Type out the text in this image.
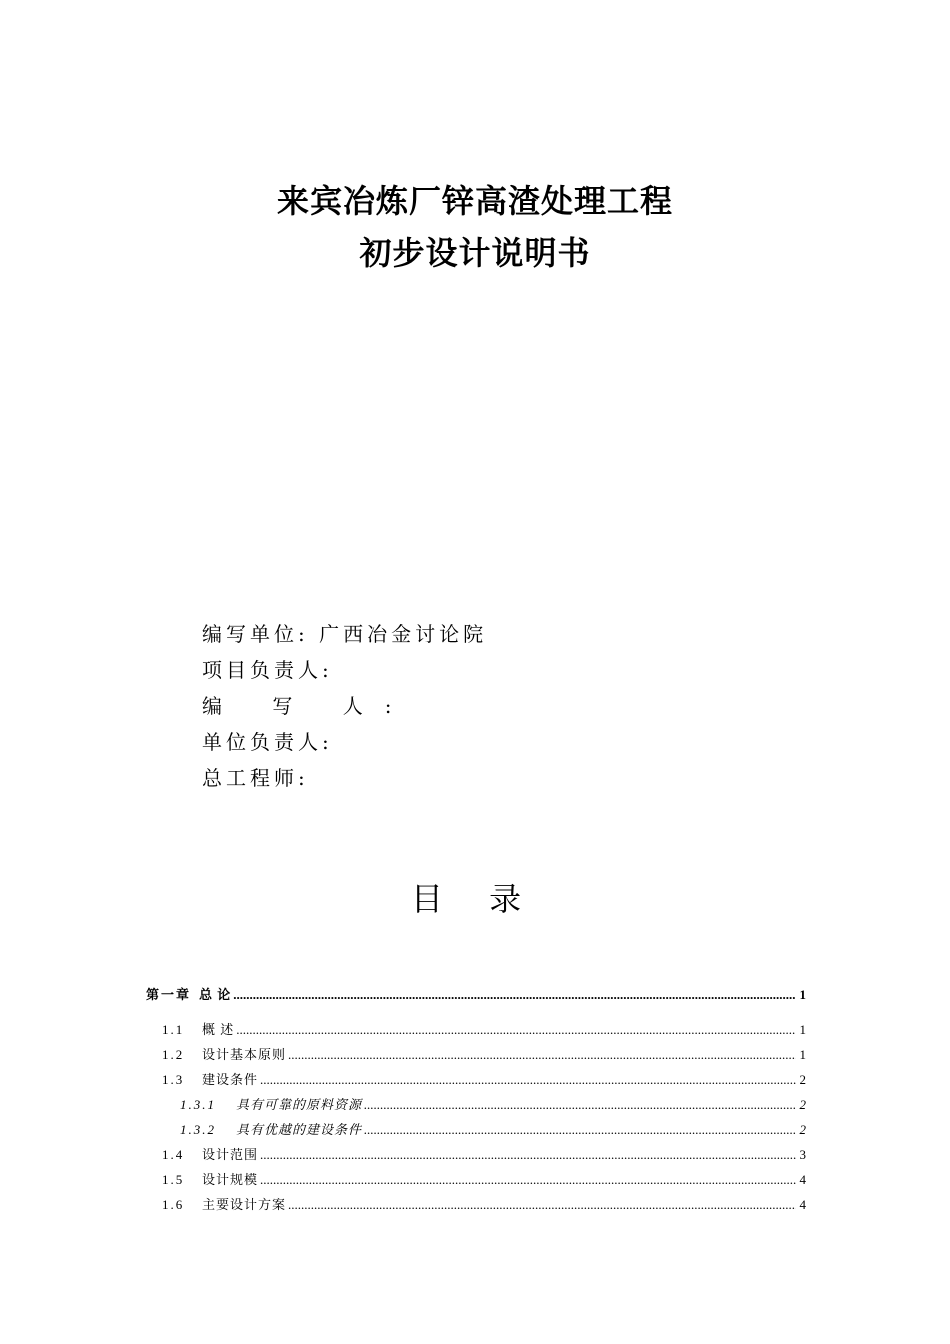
来宾冶炼厂锌高渣处理工程
初步设计说明书
编写单位: 广西冶金讨论院
项目负责人:
编 写 人:
单位负责人:
总工程师:
目 录
第一章 总 论 .....	1
1.1	概 述 .....	1
1.2	设计基本原则 .....	1
1.3	建设条件 .....	2
1.3.1	具有可靠的原料资源 .....	2
1.3.2	具有优越的建设条件 .....	2
1.4	设计范围 .....	3
1.5	设计规模 .....	4
1.6	主要设计方案 .....	4
